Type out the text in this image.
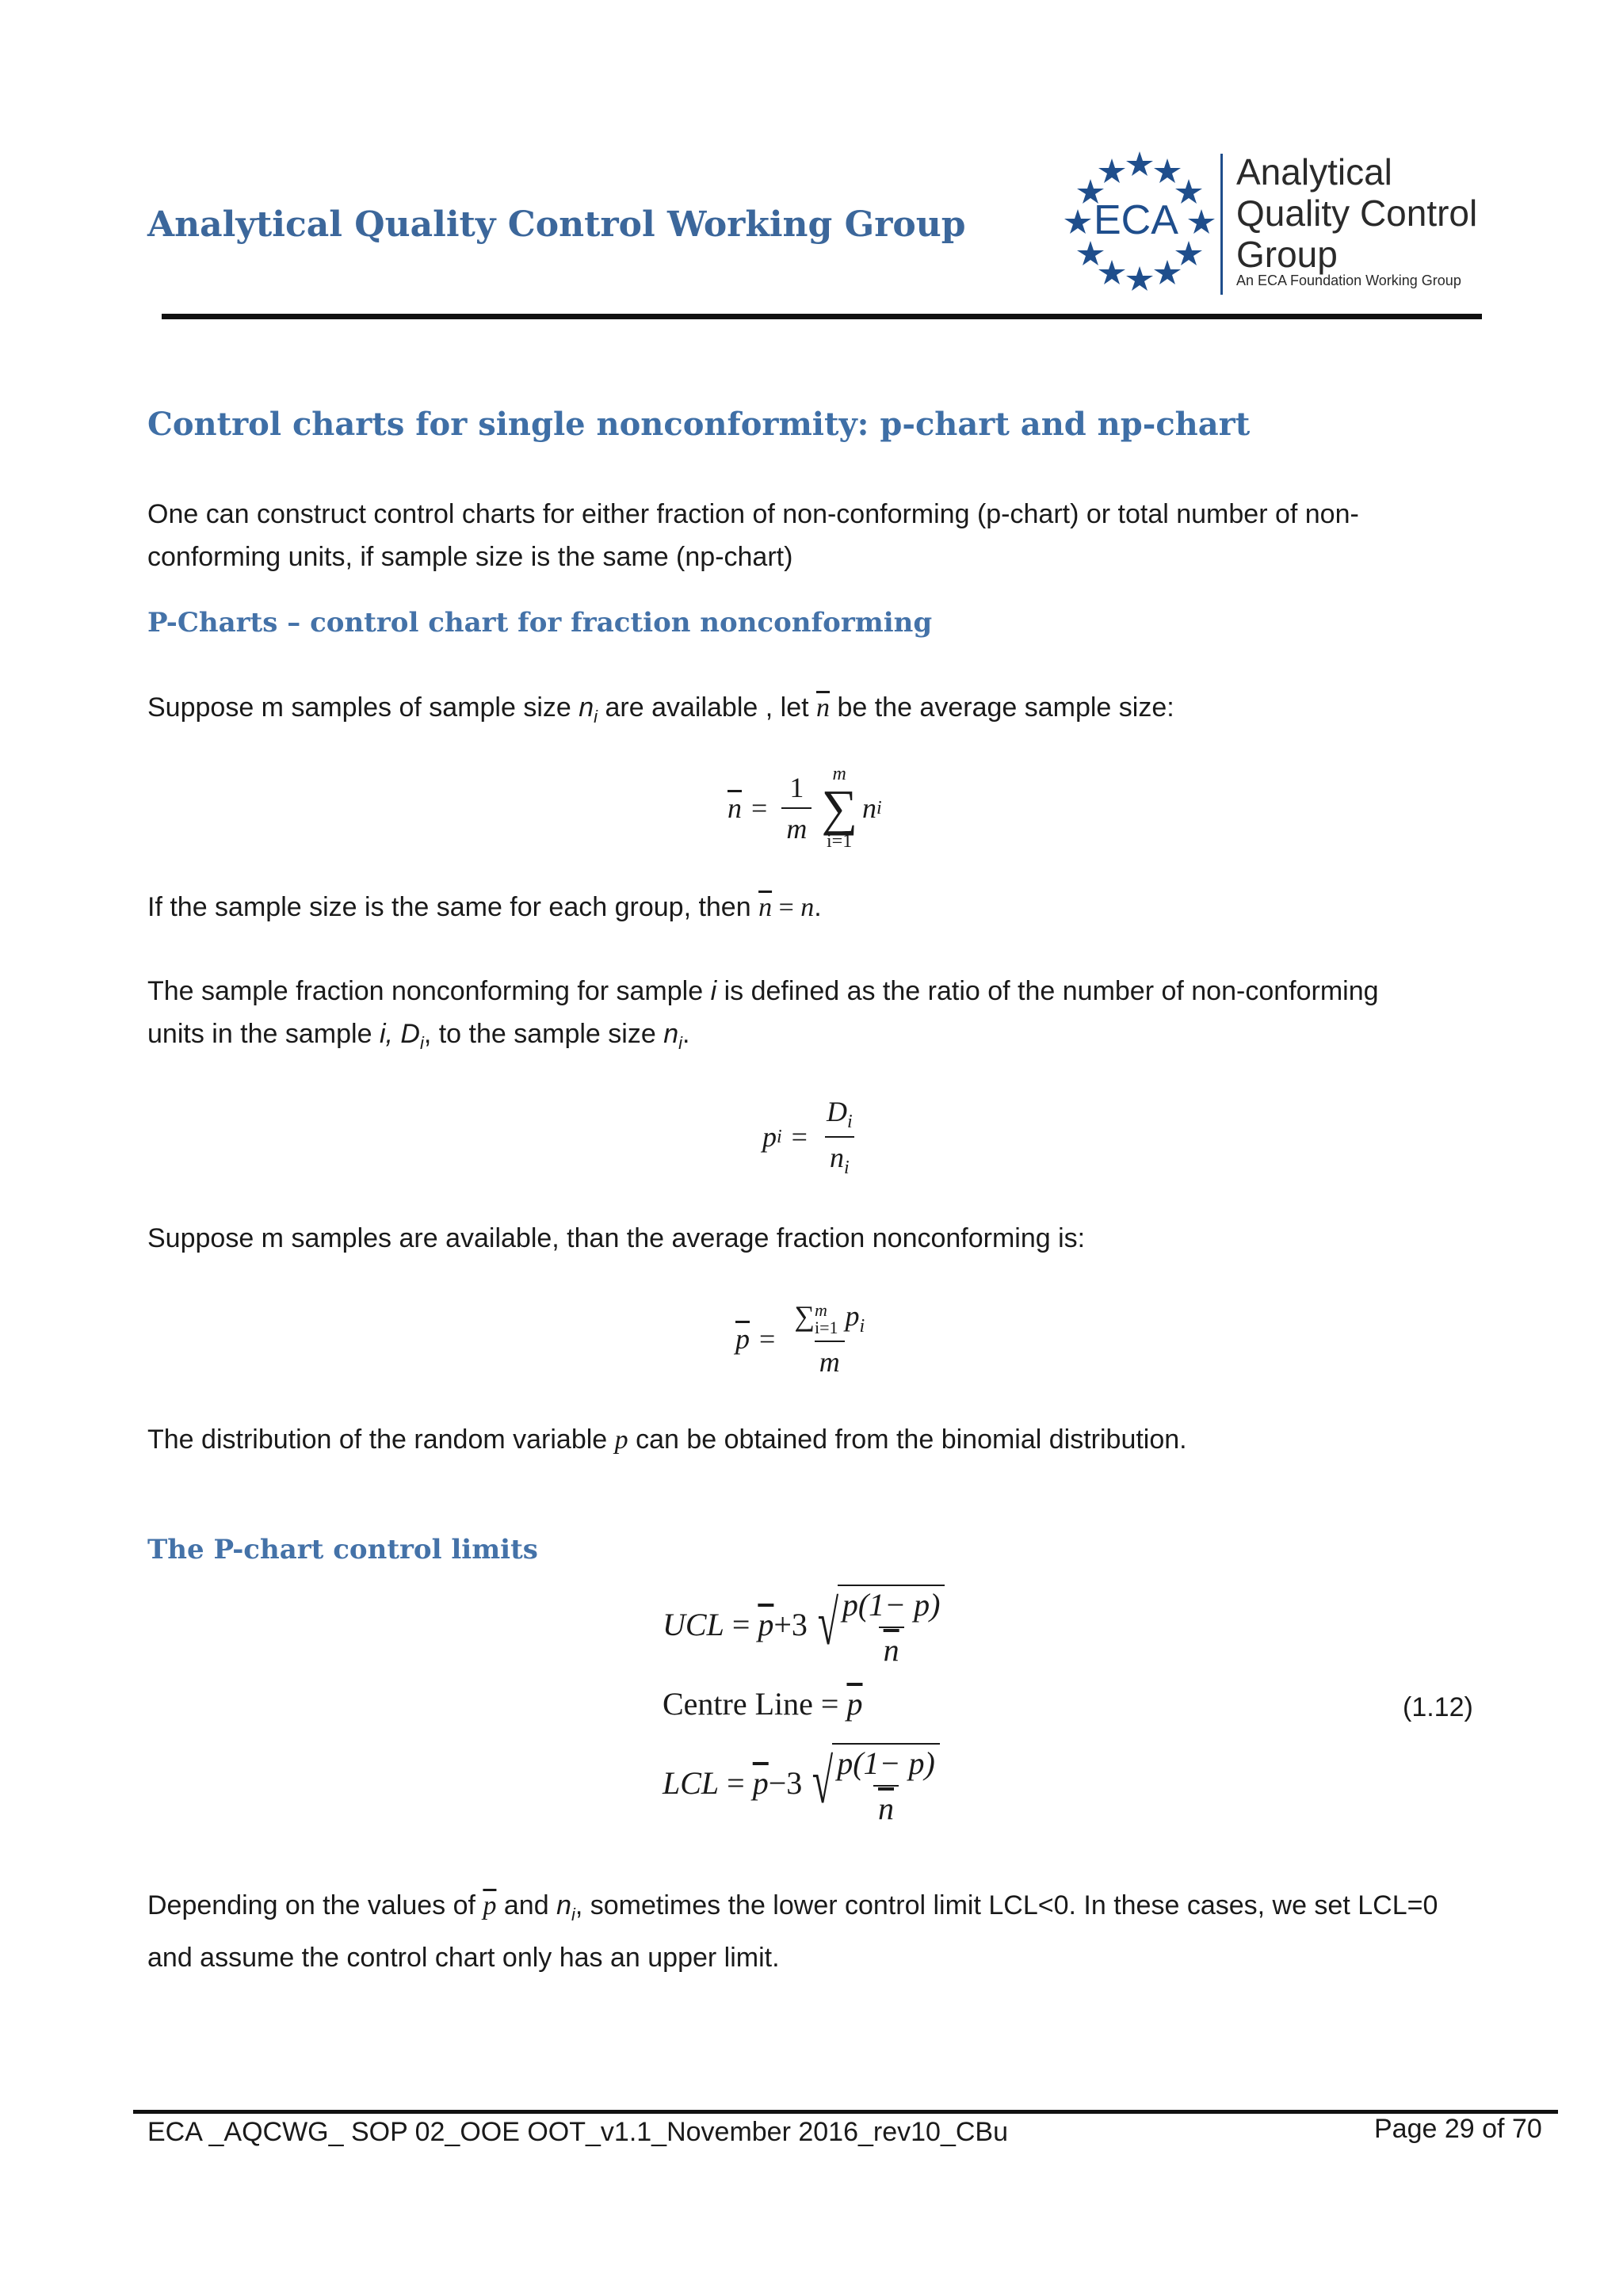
Analytical Quality Control Working Group	ECA
Analytical
Quality Control
Group
An ECA Foundation Working Group
Control charts for single nonconformity: p-chart and np-chart
One can construct control charts for either fraction of non-conforming (p-chart) or total number of non-conforming units, if sample size is the same (np-chart)
P-Charts – control chart for fraction nonconforming
Suppose m samples of sample size $n_i$ are available , let $\overline{n}$ be the average sample size:
$\overline{n} = \frac{1}{m}$ m
∑
i=1
n i
If the sample size is the same for each group, then $\overline{n} = n$.
The sample fraction nonconforming for sample i is defined as the ratio of the number of non-conforming
units in the sample i, $D_i$, to the sample size $n_i$.
p $i = \frac{D_i}{n_i}$
Suppose m samples are available, than the average fraction nonconforming is:
$\overline{p}$ = ∑ m
i=1 $p_i$
m
The distribution of the random variable p can be obtained from the binomial distribution.
The P-chart control limits
UCL = $\overline{p} +3$ √
$\frac{p(1- p)}{n}$
Centre Line = $\overline{p}$
LCL = $\overline{p} -3$ √
$\frac{p(1- p)}{n}$
(1.12)
Depending on the values of $\overline{p}$ and $n_i$, sometimes the lower control limit LCL<0. In these cases, we set LCL=0
and assume the control chart only has an upper limit.
ECA _AQCWG_ SOP 02_OOE OOT_v1.1_November 2016_rev10_CBu	Page 29 of 70
